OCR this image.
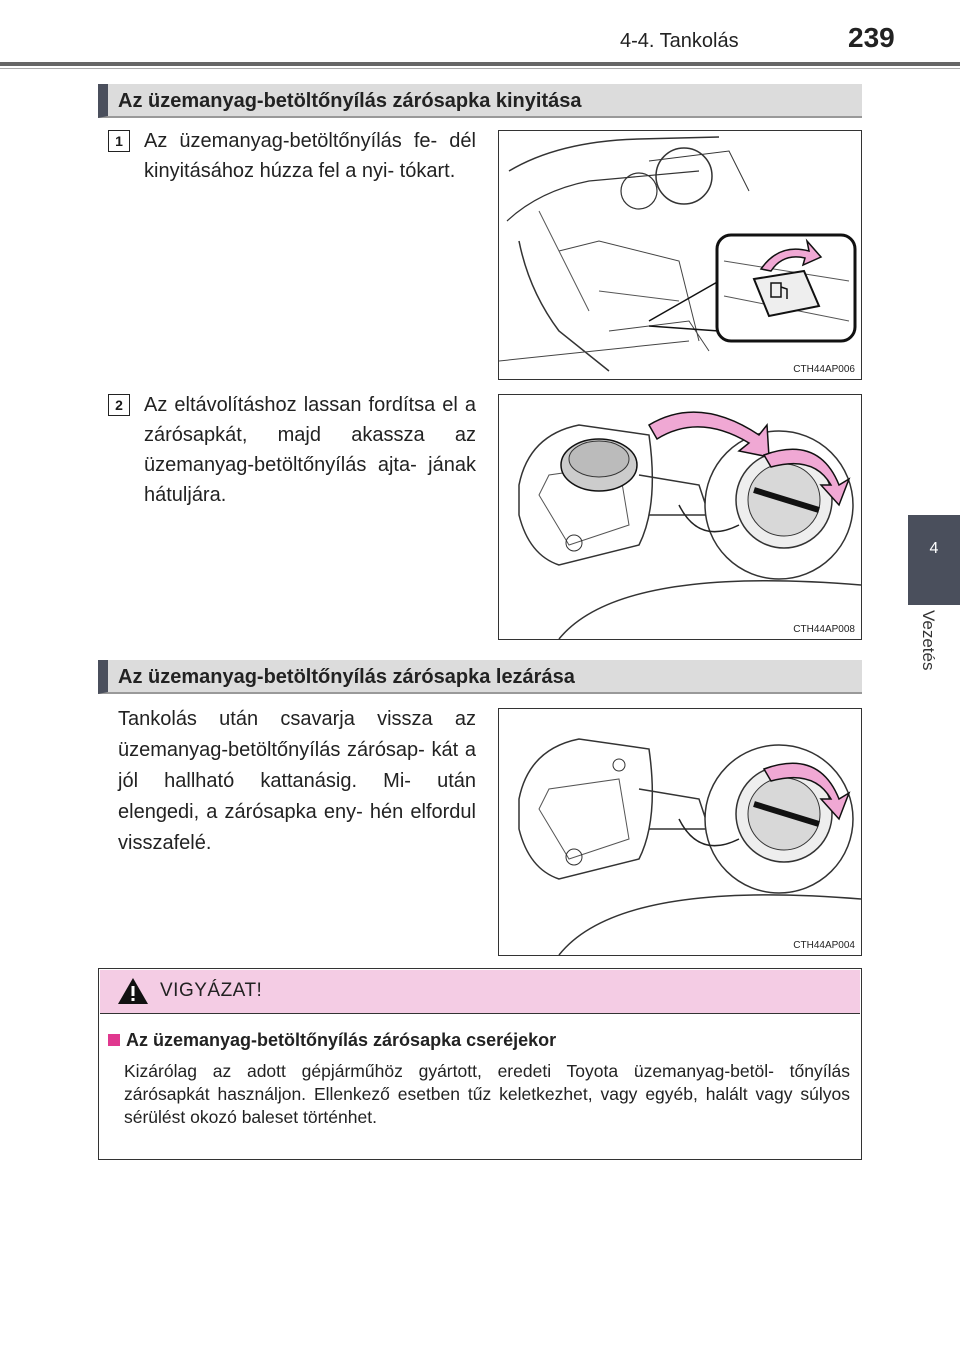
4-4. Tankolás	239
4
Vezetés
Az üzemanyag-betöltőnyílás zárósapka kinyitása
1	Az üzemanyag-betöltőnyílás fe- dél kinyitásához húzza fel a nyi- tókart.
CTH44AP006
2	Az eltávolításhoz lassan fordítsa el a zárósapkát, majd akassza az üzemanyag-betöltőnyílás ajta- jának hátuljára.
CTH44AP008
Az üzemanyag-betöltőnyílás zárósapka lezárása
Tankolás után csavarja vissza az üzemanyag-betöltőnyílás zárósap- kát a jól hallható kattanásig. Mi- után elengedi, a zárósapka eny- hén elfordul visszafelé.
CTH44AP004
VIGYÁZAT!
Az üzemanyag-betöltőnyílás zárósapka cseréjekor
Kizárólag az adott gépjárműhöz gyártott, eredeti Toyota üzemanyag-betöl- tőnyílás zárósapkát használjon. Ellenkező esetben tűz keletkezhet, vagy egyéb, halált vagy súlyos sérülést okozó baleset történhet.
